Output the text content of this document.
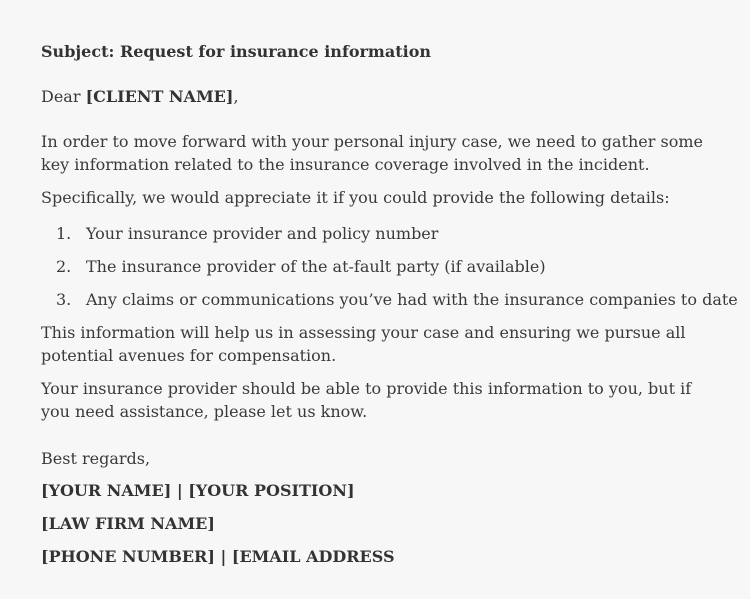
Subject: Request for insurance information
Dear [CLIENT NAME],
In order to move forward with your personal injury case, we need to gather some key information related to the insurance coverage involved in the incident.
Specifically, we would appreciate it if you could provide the following details:
1. Your insurance provider and policy number
2. The insurance provider of the at-fault party (if available)
3. Any claims or communications you’ve had with the insurance companies to date
This information will help us in assessing your case and ensuring we pursue all potential avenues for compensation.
Your insurance provider should be able to provide this information to you, but if you need assistance, please let us know.
Best regards,
[YOUR NAME] | [YOUR POSITION]
[LAW FIRM NAME]
[PHONE NUMBER] | [EMAIL ADDRESS
